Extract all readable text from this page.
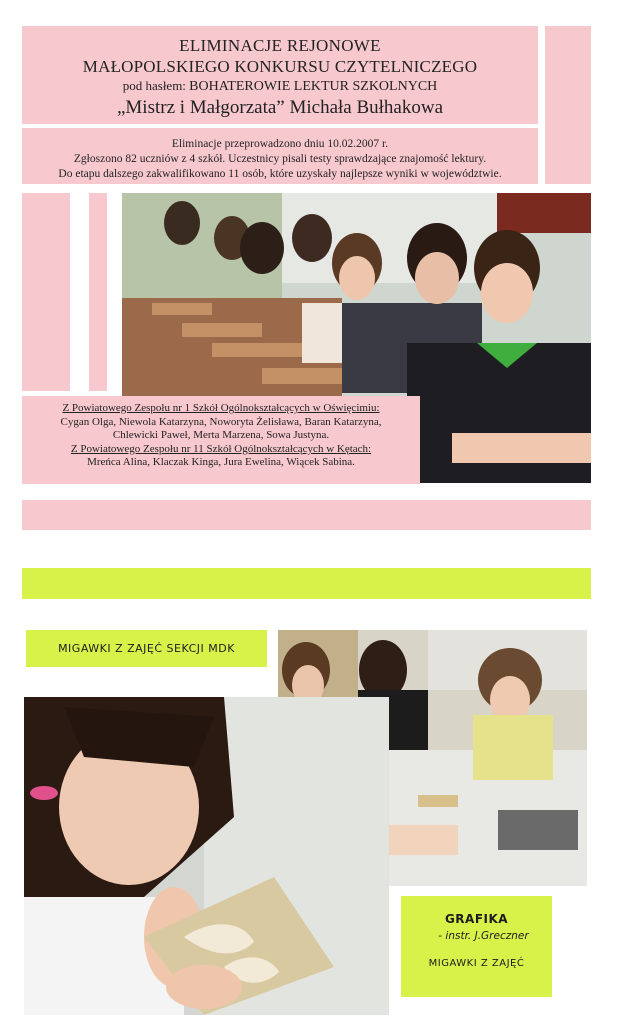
ELIMINACJE REJONOWE
MAŁOPOLSKIEGO KONKURSU CZYTELNICZEGO
pod hasłem: BOHATEROWIE LEKTUR SZKOLNYCH
„Mistrz i Małgorzata” Michała Bułhakowa
Eliminacje przeprowadzono dniu 10.02.2007 r.
Zgłoszono 82 uczniów z 4 szkół. Uczestnicy pisali testy sprawdzające znajomość lektury.
Do etapu dalszego zakwalifikowano 11 osób, które uzyskały najlepsze wyniki w województwie.
Z Powiatowego Zespołu nr 1 Szkół Ogólnokształcących w Oświęcimiu:
Cygan Olga, Niewola Katarzyna, Noworyta Żelisława, Baran Katarzyna,
Chlewicki Paweł, Merta Marzena, Sowa Justyna.
Z Powiatowego Zespołu nr 11 Szkół Ogólnokształcących w Kętach:
Mreńca Alina, Klaczak Kinga, Jura Ewelina, Wiącek Sabina.
MIGAWKI Z ZAJĘĆ SEKCJI MDK
GRAFIKA
- instr. J.Greczner
MIGAWKI Z ZAJĘĆ
